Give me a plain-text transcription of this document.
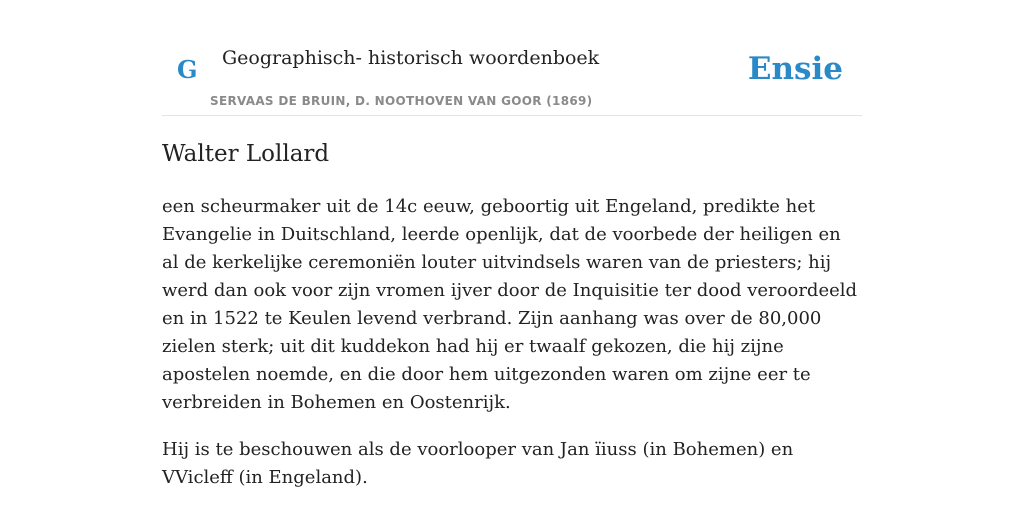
G Geographisch- historisch woordenboek
SERVAAS DE BRUIN, D. NOOTHOVEN VAN GOOR (1869)
Ensie
Walter Lollard

een scheurmaker uit de 14c eeuw, geboortig uit Engeland, predikte het Evangelie in Duitschland, leerde openlijk, dat de voorbede der heiligen en al de kerkelijke ceremoniën louter uitvindsels waren van de priesters; hij werd dan ook voor zijn vromen ijver door de Inquisitie ter dood veroordeeld en in 1522 te Keulen levend verbrand. Zijn aanhang was over de 80,000 zielen sterk; uit dit kuddekon had hij er twaalf gekozen, die hij zijne apostelen noemde, en die door hem uitgezonden waren om zijne eer te verbreiden in Bohemen en Oostenrijk.

Hij is te beschouwen als de voorlooper van Jan ïiuss (in Bohemen) en VVicleff (in Engeland).
